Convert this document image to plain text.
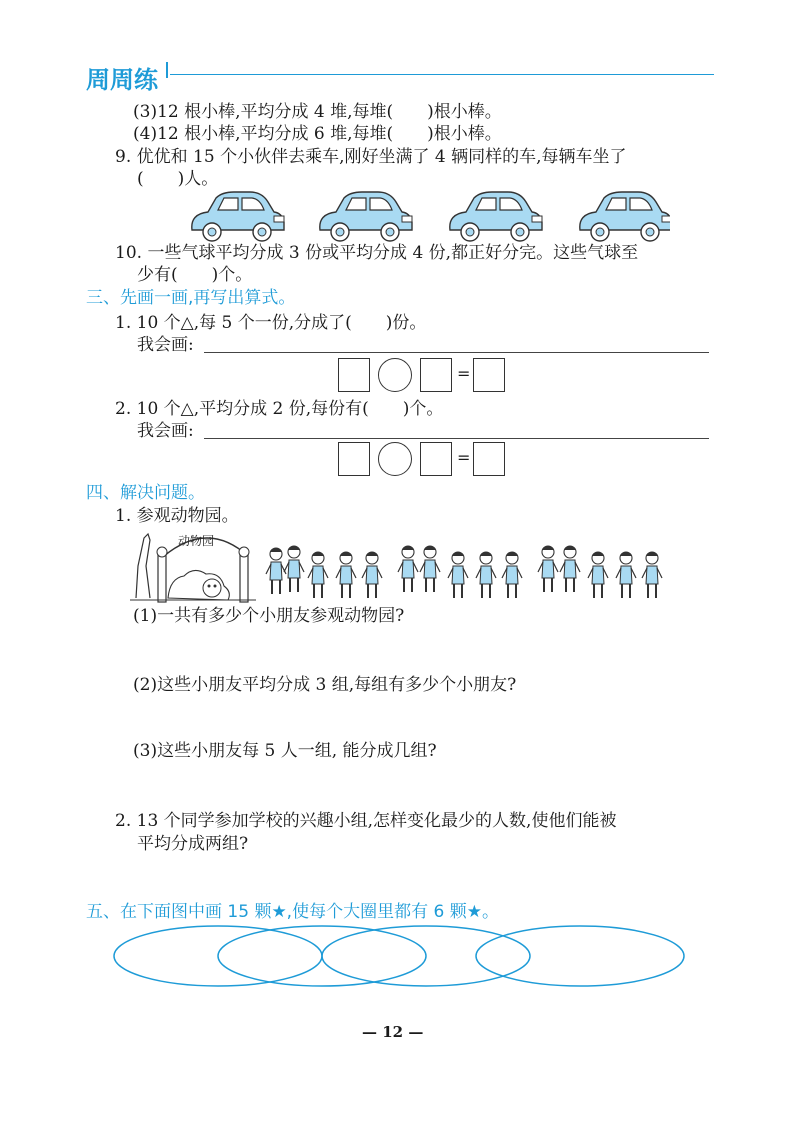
周周练
(3)12 根小棒,平均分成 4 堆,每堆(　　)根小棒。
(4)12 根小棒,平均分成 6 堆,每堆(　　)根小棒。
9. 优优和 15 个小伙伴去乘车,刚好坐满了 4 辆同样的车,每辆车坐了
(　　)人。
10. 一些气球平均分成 3 份或平均分成 4 份,都正好分完。这些气球至
少有(　　)个。
三、先画一画,再写出算式。
1. 10 个△,每 5 个一份,分成了(　　)份。
我会画:
=
2. 10 个△,平均分成 2 份,每份有(　　)个。
我会画:
=
四、解决问题。
1. 参观动物园。
动物园
(1)一共有多少个小朋友参观动物园?
(2)这些小朋友平均分成 3 组,每组有多少个小朋友?
(3)这些小朋友每 5 人一组, 能分成几组?
2. 13 个同学参加学校的兴趣小组,怎样变化最少的人数,使他们能被
平均分成两组?
五、在下面图中画 15 颗★,使每个大圈里都有 6 颗★。
— 12 —
